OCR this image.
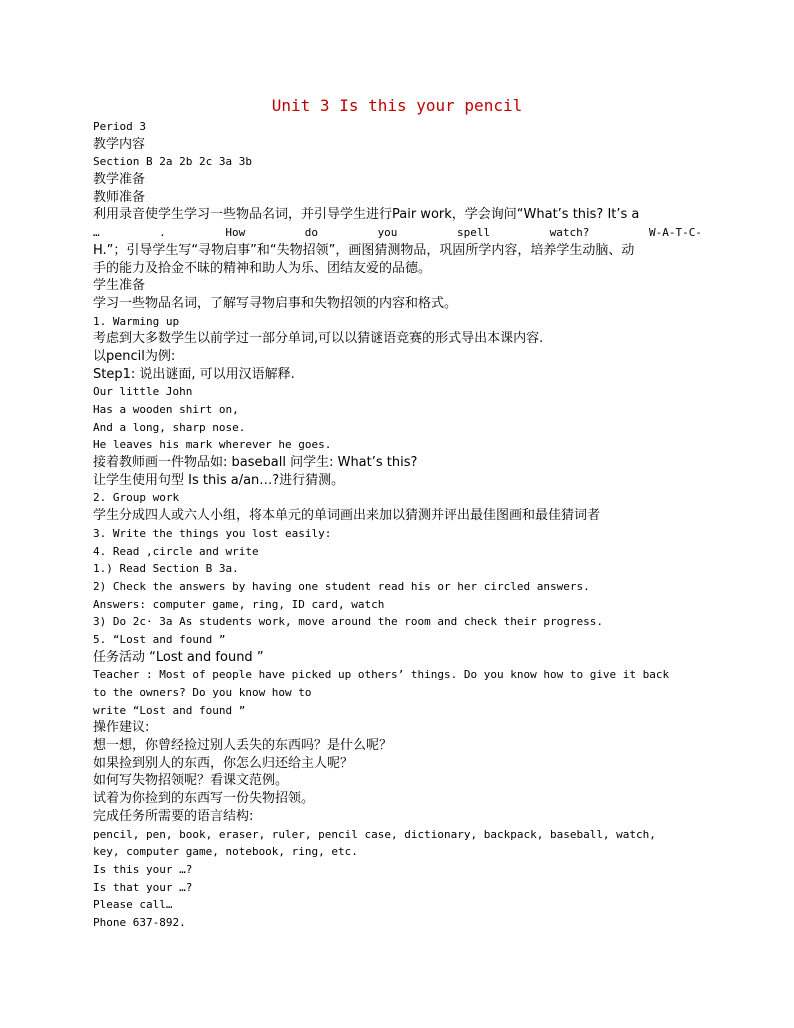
Unit 3 Is this your pencil
Period 3
教学内容
Section B 2a 2b 2c 3a 3b
教学准备
教师准备
利用录音使学生学习一些物品名词，并引导学生进行Pair work，学会询问“What’s this? It’s a
…	.	How	do	you	spell	watch?	W-A-T-C-
H.”；引导学生写“寻物启事”和“失物招领”，画图猜测物品，巩固所学内容，培养学生动脑、动
手的能力及拾金不昧的精神和助人为乐、团结友爱的品德。
学生准备
学习一些物品名词，了解写寻物启事和失物招领的内容和格式。
1. Warming up
考虑到大多数学生以前学过一部分单词,可以以猜谜语竞赛的形式导出本课内容.
以pencil为例:
Step1: 说出谜面, 可以用汉语解释.
Our little John
Has a wooden shirt on,
And a long, sharp nose.
He leaves his mark wherever he goes.
接着教师画一件物品如: baseball 问学生: What’s this?
让学生使用句型 Is this a/an…?进行猜测。
2. Group work
学生分成四人或六人小组，将本单元的单词画出来加以猜测并评出最佳图画和最佳猜词者
3. Write the things you lost easily:
4. Read ,circle and write
1.) Read Section B 3a.
2) Check the answers by having one student read his or her circled answers.
Answers: computer game, ring, ID card, watch
3) Do 2c· 3a As students work, move around the room and check their progress.
5. “Lost and found ”
任务活动 “Lost and found ”
Teacher : Most of people have picked up others’ things. Do you know how to give it back
to the owners? Do you know how to
write “Lost and found ”
操作建议:
想一想，你曾经捡过别人丢失的东西吗？是什么呢？
如果捡到别人的东西，你怎么归还给主人呢？
如何写失物招领呢？看课文范例。
试着为你捡到的东西写一份失物招领。
完成任务所需要的语言结构:
pencil, pen, book, eraser, ruler, pencil case, dictionary, backpack, baseball, watch,
key, computer game, notebook, ring, etc.
Is this your …?
Is that your …?
Please call…
Phone 637-892.
